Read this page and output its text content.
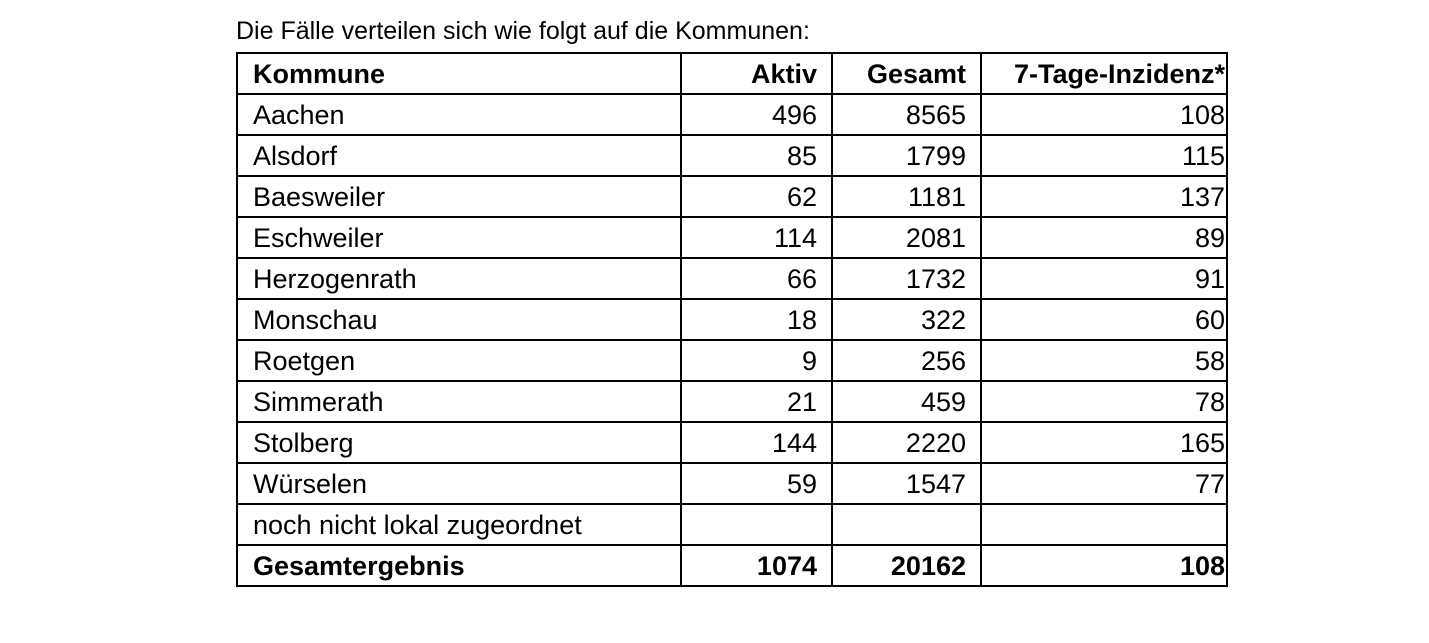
Die Fälle verteilen sich wie folgt auf die Kommunen:
Kommune	Aktiv	Gesamt	7-Tage-Inzidenz*
Aachen	496	8565	108
Alsdorf	85	1799	115
Baesweiler	62	1181	137
Eschweiler	114	2081	89
Herzogenrath	66	1732	91
Monschau	18	322	60
Roetgen	9	256	58
Simmerath	21	459	78
Stolberg	144	2220	165
Würselen	59	1547	77
noch nicht lokal zugeordnet			
Gesamtergebnis	1074	20162	108
